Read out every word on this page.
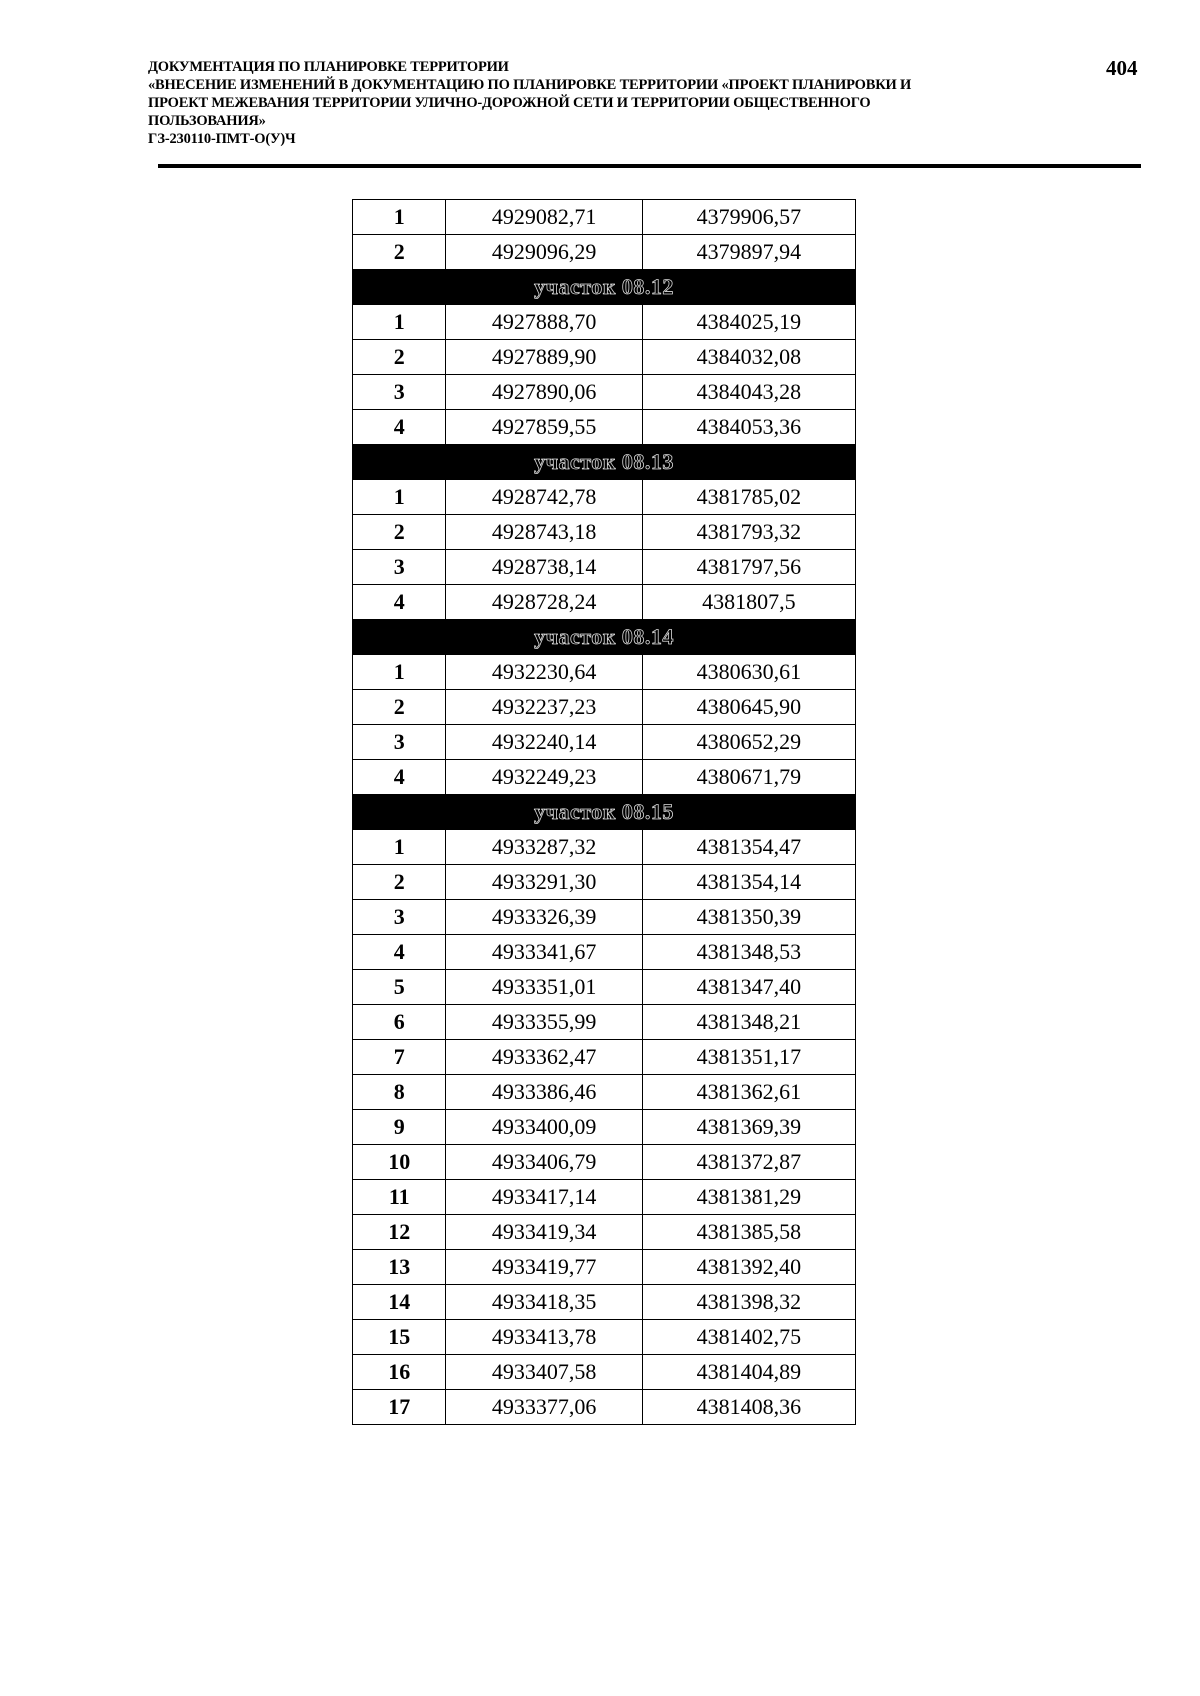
ДОКУМЕНТАЦИЯ ПО ПЛАНИРОВКЕ ТЕРРИТОРИИ
«ВНЕСЕНИЕ ИЗМЕНЕНИЙ В ДОКУМЕНТАЦИЮ ПО ПЛАНИРОВКЕ ТЕРРИТОРИИ «ПРОЕКТ ПЛАНИРОВКИ И
ПРОЕКТ МЕЖЕВАНИЯ ТЕРРИТОРИИ УЛИЧНО-ДОРОЖНОЙ СЕТИ И ТЕРРИТОРИИ ОБЩЕСТВЕННОГО
ПОЛЬЗОВАНИЯ»
ГЗ-230110-ПМТ-О(У)Ч
404
1	4929082,71	4379906,57
2	4929096,29	4379897,94
участок 08.12		
1	4927888,70	4384025,19
2	4927889,90	4384032,08
3	4927890,06	4384043,28
4	4927859,55	4384053,36
участок 08.13		
1	4928742,78	4381785,02
2	4928743,18	4381793,32
3	4928738,14	4381797,56
4	4928728,24	4381807,5
участок 08.14		
1	4932230,64	4380630,61
2	4932237,23	4380645,90
3	4932240,14	4380652,29
4	4932249,23	4380671,79
участок 08.15		
1	4933287,32	4381354,47
2	4933291,30	4381354,14
3	4933326,39	4381350,39
4	4933341,67	4381348,53
5	4933351,01	4381347,40
6	4933355,99	4381348,21
7	4933362,47	4381351,17
8	4933386,46	4381362,61
9	4933400,09	4381369,39
10	4933406,79	4381372,87
11	4933417,14	4381381,29
12	4933419,34	4381385,58
13	4933419,77	4381392,40
14	4933418,35	4381398,32
15	4933413,78	4381402,75
16	4933407,58	4381404,89
17	4933377,06	4381408,36
